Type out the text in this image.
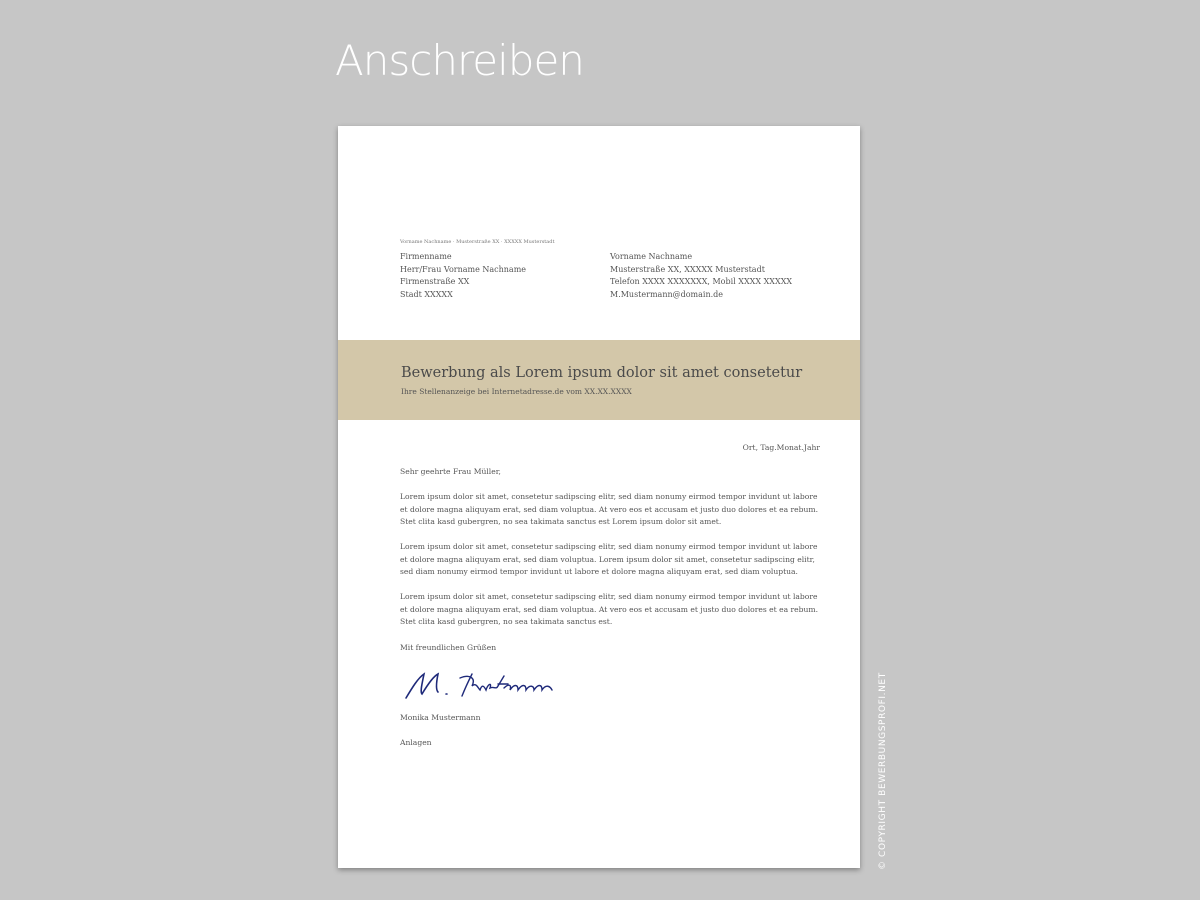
Anschreiben
Vorname Nachname · Musterstraße XX · XXXXX Musterstadt
Firmenname
Herr/Frau Vorname Nachname
Firmenstraße XX
Stadt XXXXX
Vorname Nachname
Musterstraße XX, XXXXX Musterstadt
Telefon XXXX XXXXXXX, Mobil XXXX XXXXX
M.Mustermann@domain.de
Bewerbung als Lorem ipsum dolor sit amet consetetur
Ihre Stellenanzeige bei Internetadresse.de vom XX.XX.XXXX
Ort, Tag.Monat.Jahr
Sehr geehrte Frau Müller,
Lorem ipsum dolor sit amet, consetetur sadipscing elitr, sed diam nonumy eirmod tempor invidunt ut labore
et dolore magna aliquyam erat, sed diam voluptua. At vero eos et accusam et justo duo dolores et ea rebum.
Stet clita kasd gubergren, no sea takimata sanctus est Lorem ipsum dolor sit amet.
Lorem ipsum dolor sit amet, consetetur sadipscing elitr, sed diam nonumy eirmod tempor invidunt ut labore
et dolore magna aliquyam erat, sed diam voluptua. Lorem ipsum dolor sit amet, consetetur sadipscing elitr,
sed diam nonumy eirmod tempor invidunt ut labore et dolore magna aliquyam erat, sed diam voluptua.
Lorem ipsum dolor sit amet, consetetur sadipscing elitr, sed diam nonumy eirmod tempor invidunt ut labore
et dolore magna aliquyam erat, sed diam voluptua. At vero eos et accusam et justo duo dolores et ea rebum.
Stet clita kasd gubergren, no sea takimata sanctus est.
Mit freundlichen Grüßen
Monika Mustermann
Anlagen	© COPYRIGHT BEWERBUNGSPROFI.NET
